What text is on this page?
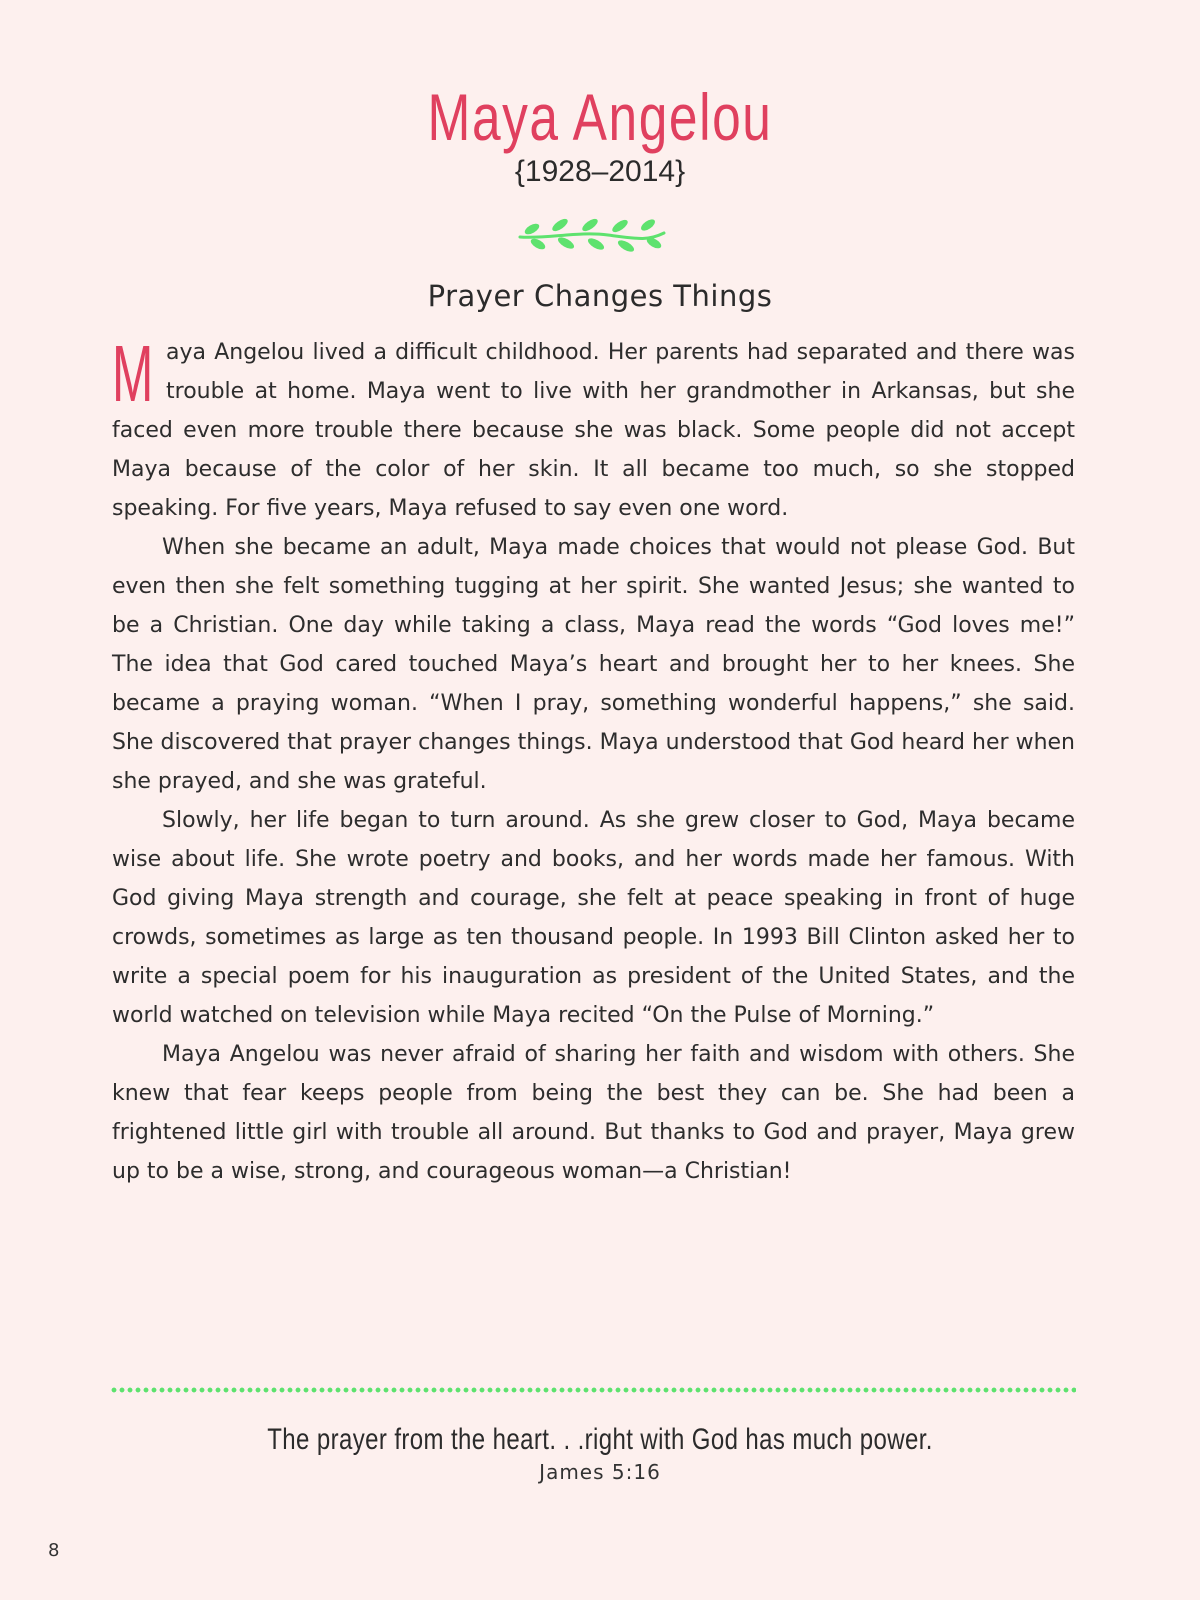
Maya Angelou
{1928–2014}
Prayer Changes Things

Maya Angelou lived a difficult childhood. Her parents had separated and there was trouble at home. Maya went to live with her grandmother in Arkansas, but she faced even more trouble there because she was black. Some people did not accept Maya because of the color of her skin. It all became too much, so she stopped speaking. For five years, Maya refused to say even one word.

When she became an adult, Maya made choices that would not please God. But even then she felt something tugging at her spirit. She wanted Jesus; she wanted to be a Christian. One day while taking a class, Maya read the words “God loves me!” The idea that God cared touched Maya’s heart and brought her to her knees. She became a praying woman. “When I pray, something wonderful happens,” she said. She discovered that prayer changes things. Maya understood that God heard her when she prayed, and she was grateful.

Slowly, her life began to turn around. As she grew closer to God, Maya became wise about life. She wrote poetry and books, and her words made her famous. With God giving Maya strength and courage, she felt at peace speaking in front of huge crowds, sometimes as large as ten thousand people. In 1993 Bill Clinton asked her to write a special poem for his inauguration as president of the United States, and the world watched on television while Maya recited “On the Pulse of Morning.”

Maya Angelou was never afraid of sharing her faith and wisdom with others. She knew that fear keeps people from being the best they can be. She had been a frightened little girl with trouble all around. But thanks to God and prayer, Maya grew up to be a wise, strong, and courageous woman—a Christian!

The prayer from the heart. . .right with God has much power.
James 5:16
8
